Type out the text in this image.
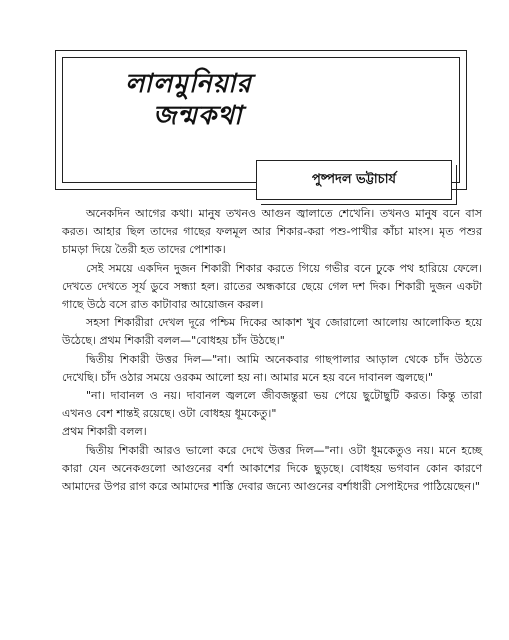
লালমুনিয়ার
জন্মকথা
পুষ্পদল ভট্টাচার্য

অনেকদিন আগের কথা। মানুষ তখনও আগুন জ্বালাতে শেখেনি। তখনও মানুষ বনে বাস করত। আহার ছিল তাদের গাছের ফলমূল আর শিকার-করা পশু-পাখীর কাঁচা মাংস। মৃত পশুর চামড়া দিয়ে তৈরী হত তাদের পোশাক।

সেই সময়ে একদিন দুজন শিকারী শিকার করতে গিয়ে গভীর বনে ঢুকে পথ হারিয়ে ফেলে। দেখতে দেখতে সূর্য ডুবে সন্ধ্যা হল। রাতের অন্ধকারে ছেয়ে গেল দশ দিক। শিকারী দুজন একটা গাছে উঠে বসে রাত কাটাবার আয়োজন করল।

সহসা শিকারীরা দেখল দূরে পশ্চিম দিকের আকাশ খুব জোরালো আলোয় আলোকিত হয়ে উঠেছে। প্রথম শিকারী বলল—"বোধহয় চাঁদ উঠছে।"

দ্বিতীয় শিকারী উত্তর দিল—"না। আমি অনেকবার গাছপালার আড়াল থেকে চাঁদ উঠতে দেখেছি। চাঁদ ওঠার সময়ে ওরকম আলো হয় না। আমার মনে হয় বনে দাবানল জ্বলছে।"

"না। দাবানল ও নয়। দাবানল জ্বললে জীবজন্তুরা ভয় পেয়ে ছুটোছুটি করত। কিন্তু তারা এখনও বেশ শান্তই রয়েছে। ওটা বোধহয় ধূমকেতু।"

প্রথম শিকারী বলল।

দ্বিতীয় শিকারী আরও ভালো করে দেখে উত্তর দিল—"না। ওটা ধূমকেতুও নয়। মনে হচ্ছে কারা যেন অনেকগুলো আগুনের বর্শা আকাশের দিকে ছুড়ছে। বোধহয় ভগবান কোন কারণে আমাদের উপর রাগ করে আমাদের শাস্তি দেবার জন্যে আগুনের বর্শাধারী সেপাইদের পাঠিয়েছেন।"
